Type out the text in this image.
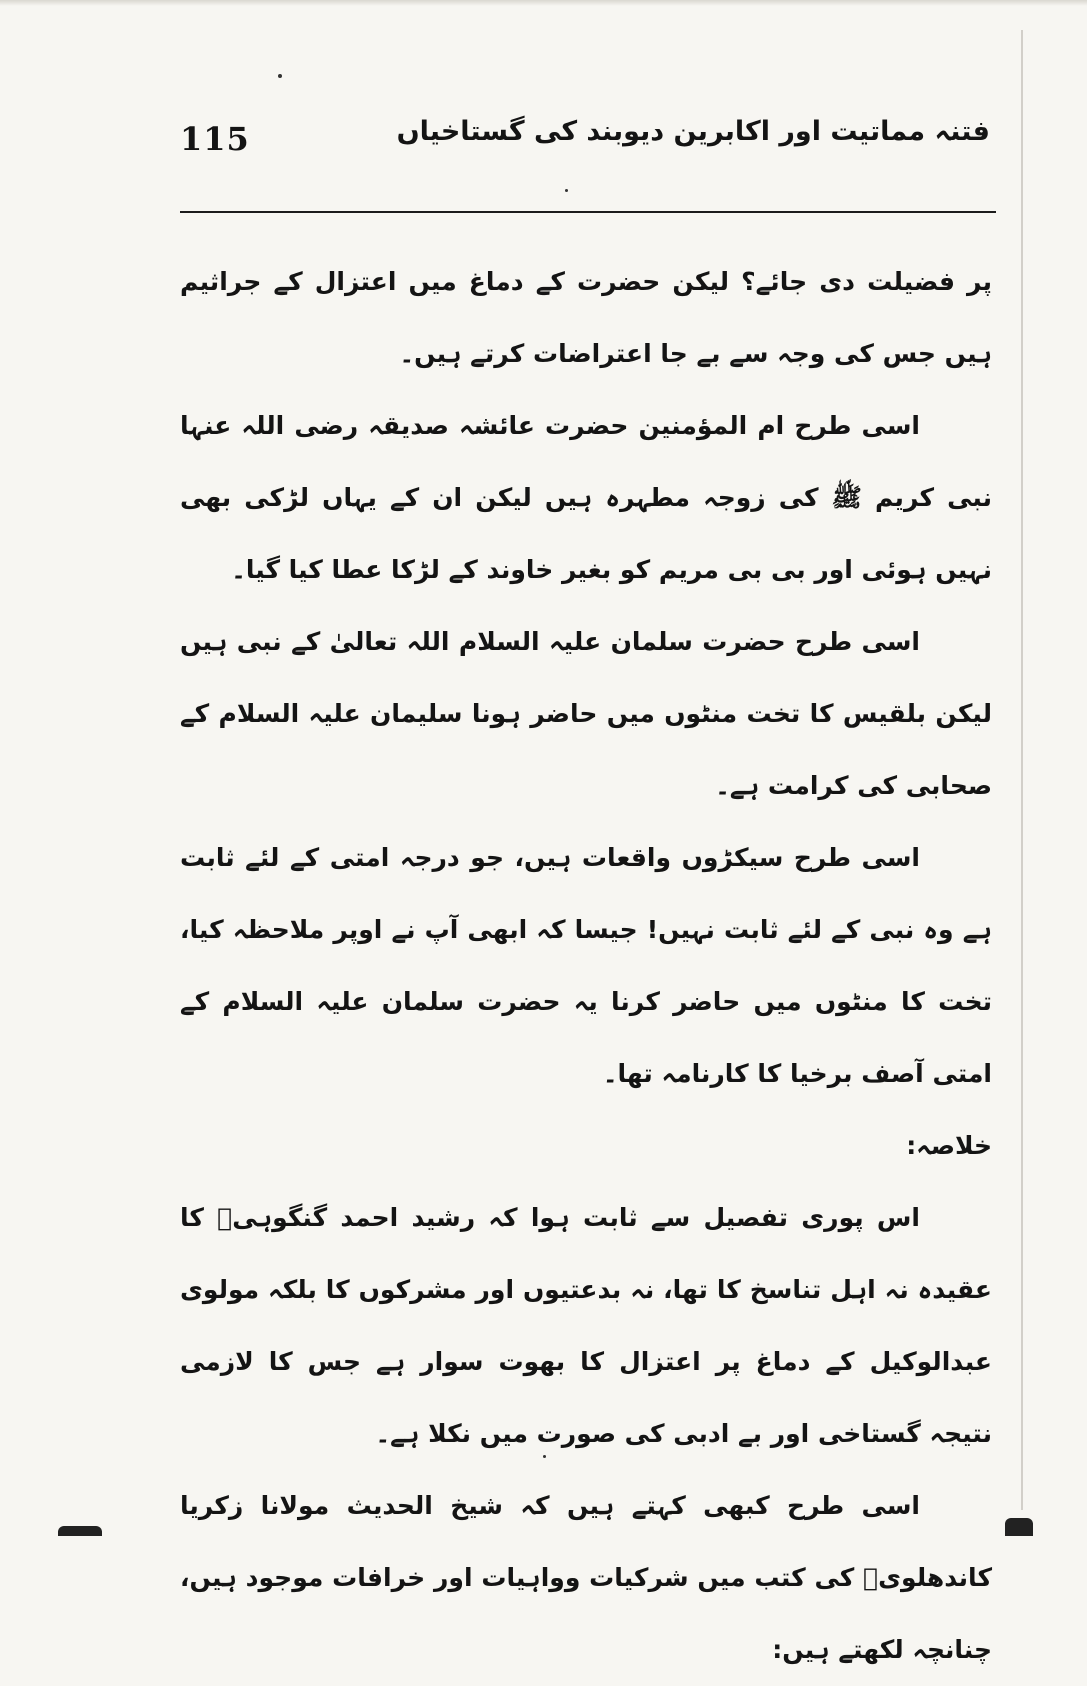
115	فتنہ مماتیت اور اکابرین دیوبند کی گستاخیاں

پر فضیلت دی جائے؟ لیکن حضرت کے دماغ میں اعتزال کے جراثیم ہیں جس کی وجہ سے بے جا اعتراضات کرتے ہیں۔

اسی طرح ام المؤمنین حضرت عائشہ صدیقہ رضی اللہ عنہا نبی کریم ﷺ کی زوجہ مطہرہ ہیں لیکن ان کے یہاں لڑکی بھی نہیں ہوئی اور بی بی مریم کو بغیر خاوند کے لڑکا عطا کیا گیا۔

اسی طرح حضرت سلمان علیہ السلام اللہ تعالیٰ کے نبی ہیں لیکن بلقیس کا تخت منٹوں میں حاضر ہونا سلیمان علیہ السلام کے صحابی کی کرامت ہے۔

اسی طرح سیکڑوں واقعات ہیں، جو درجہ امتی کے لئے ثابت ہے وہ نبی کے لئے ثابت نہیں! جیسا کہ ابھی آپ نے اوپر ملاحظہ کیا، تخت کا منٹوں میں حاضر کرنا یہ حضرت سلمان علیہ السلام کے امتی آصف برخیا کا کارنامہ تھا۔

خلاصہ:

اس پوری تفصیل سے ثابت ہوا کہ رشید احمد گنگوہیؒ کا عقیدہ نہ اہل تناسخ کا تھا، نہ بدعتیوں اور مشرکوں کا بلکہ مولوی عبدالوکیل کے دماغ پر اعتزال کا بھوت سوار ہے جس کا لازمی نتیجہ گستاخی اور بے ادبی کی صورت میں نکلا ہے۔

اسی طرح کبھی کہتے ہیں کہ شیخ الحدیث مولانا زکریا کاندھلویؒ کی کتب میں شرکیات وواہیات اور خرافات موجود ہیں، چنانچہ لکھتے ہیں:
